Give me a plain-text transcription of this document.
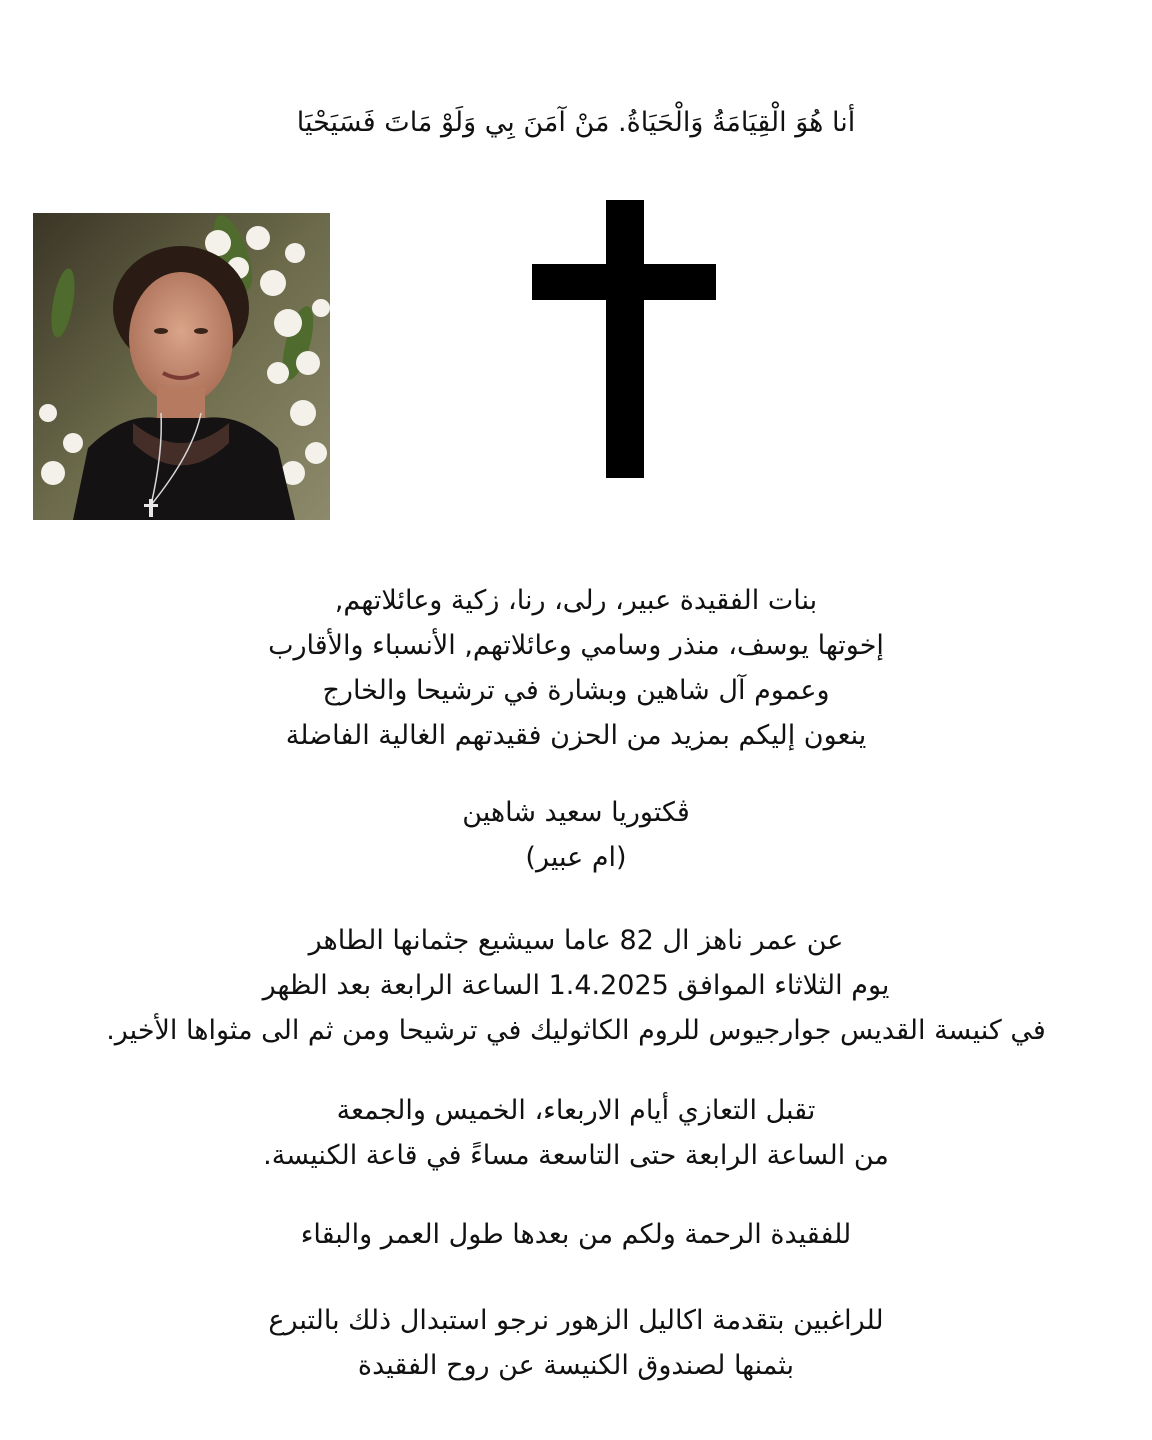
أنا هُوَ الْقِيَامَةُ وَالْحَيَاةُ. مَنْ آمَنَ بِي وَلَوْ مَاتَ فَسَيَحْيَا
بنات الفقيدة عبير، رلى، رنا، زكية وعائلاتهم,
إخوتها يوسف، منذر وسامي وعائلاتهم, الأنسباء والأقارب
وعموم آل شاهين وبشارة في ترشيحا والخارج
ينعون إليكم بمزيد من الحزن فقيدتهم الغالية الفاضلة
ڤكتوريا سعيد شاهين
(ام عبير)
عن عمر ناهز ال 82 عاما سيشيع جثمانها الطاهر
يوم الثلاثاء الموافق 1.4.2025 الساعة الرابعة بعد الظهر
في كنيسة القديس جوارجيوس للروم الكاثوليك في ترشيحا ومن ثم الى مثواها الأخير.
تقبل التعازي أيام الاربعاء، الخميس والجمعة
من الساعة الرابعة حتى التاسعة مساءً في قاعة الكنيسة.
للفقيدة الرحمة ولكم من بعدها طول العمر والبقاء
للراغبين بتقدمة اكاليل الزهور نرجو استبدال ذلك بالتبرع
بثمنها لصندوق الكنيسة عن روح الفقيدة
